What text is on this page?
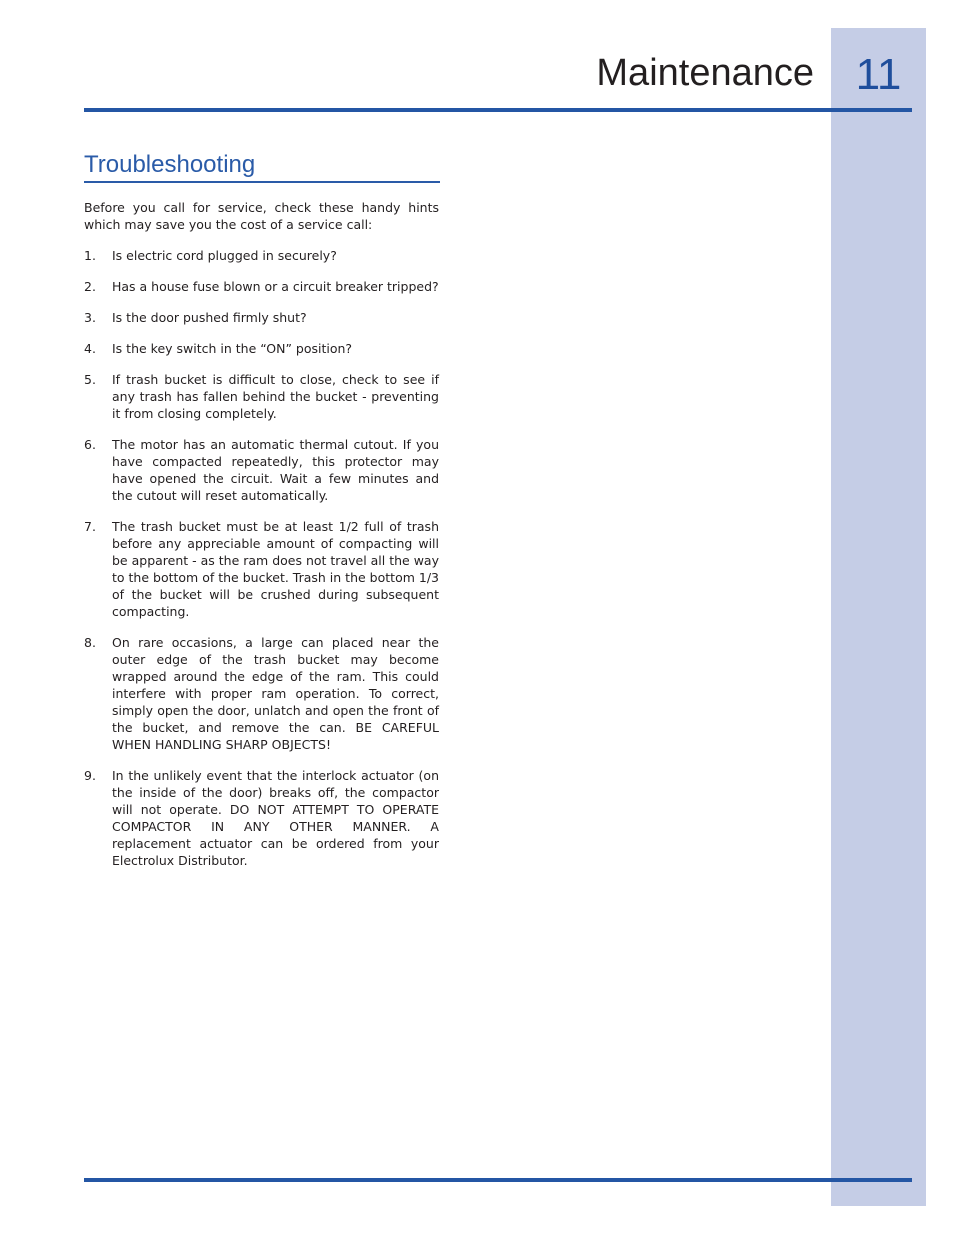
11
Maintenance
Troubleshooting

Before you call for service, check these handy hints which may save you the cost of a service call:

1.	Is electric cord plugged in securely?
2.	Has a house fuse blown or a circuit breaker tripped?
3.	Is the door pushed firmly shut?
4.	Is the key switch in the “ON” position?
5.	If trash bucket is difficult to close, check to see if any trash has fallen behind the bucket - preventing it from closing completely.
6.	The motor has an automatic thermal cutout. If you have compacted repeatedly, this protector may have opened the circuit. Wait a few minutes and the cutout will reset automatically.
7.	The trash bucket must be at least 1/2 full of trash before any appreciable amount of compacting will be apparent - as the ram does not travel all the way to the bottom of the bucket. Trash in the bottom 1/3 of the bucket will be crushed during subsequent compacting.
8.	On rare occasions, a large can placed near the outer edge of the trash bucket may become wrapped around the edge of the ram. This could interfere with proper ram operation. To correct, simply open the door, unlatch and open the front of the bucket, and remove the can. BE CAREFUL WHEN HANDLING SHARP OBJECTS!
9.	In the unlikely event that the interlock actuator (on the inside of the door) breaks off, the compactor will not operate. DO NOT ATTEMPT TO OPERATE COMPACTOR IN ANY OTHER MANNER. A replacement actuator can be ordered from your Electrolux Distributor.
